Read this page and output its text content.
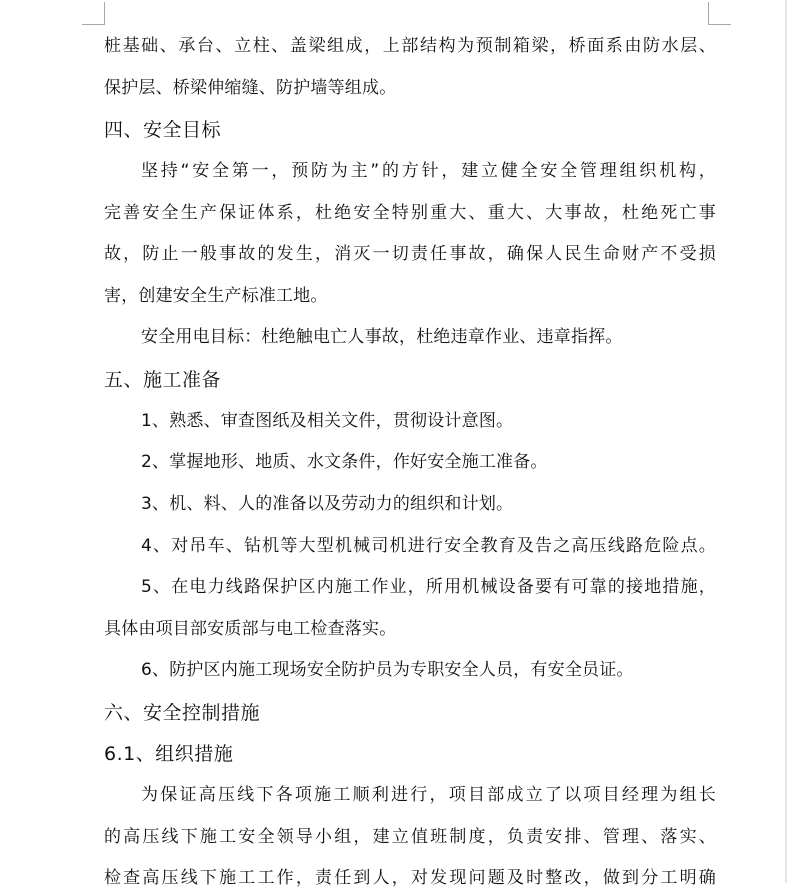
桩基础、承台、立柱、盖梁组成，上部结构为预制箱梁，桥面系由防水层、
保护层、桥梁伸缩缝、防护墙等组成。
四、安全目标
坚持“安全第一，预防为主”的方针，建立健全安全管理组织机构，
完善安全生产保证体系，杜绝安全特别重大、重大、大事故，杜绝死亡事
故，防止一般事故的发生，消灭一切责任事故，确保人民生命财产不受损
害，创建安全生产标准工地。
安全用电目标：杜绝触电亡人事故，杜绝违章作业、违章指挥。
五、施工准备
1、熟悉、审查图纸及相关文件，贯彻设计意图。
2、掌握地形、地质、水文条件，作好安全施工准备。
3、机、料、人的准备以及劳动力的组织和计划。
4、对吊车、钻机等大型机械司机进行安全教育及告之高压线路危险点。
5、在电力线路保护区内施工作业，所用机械设备要有可靠的接地措施，
具体由项目部安质部与电工检查落实。
6、防护区内施工现场安全防护员为专职安全人员，有安全员证。
六、安全控制措施
6.1、组织措施
为保证高压线下各项施工顺利进行，项目部成立了以项目经理为组长
的高压线下施工安全领导小组，建立值班制度，负责安排、管理、落实、
检查高压线下施工工作，责任到人，对发现问题及时整改，做到分工明确
